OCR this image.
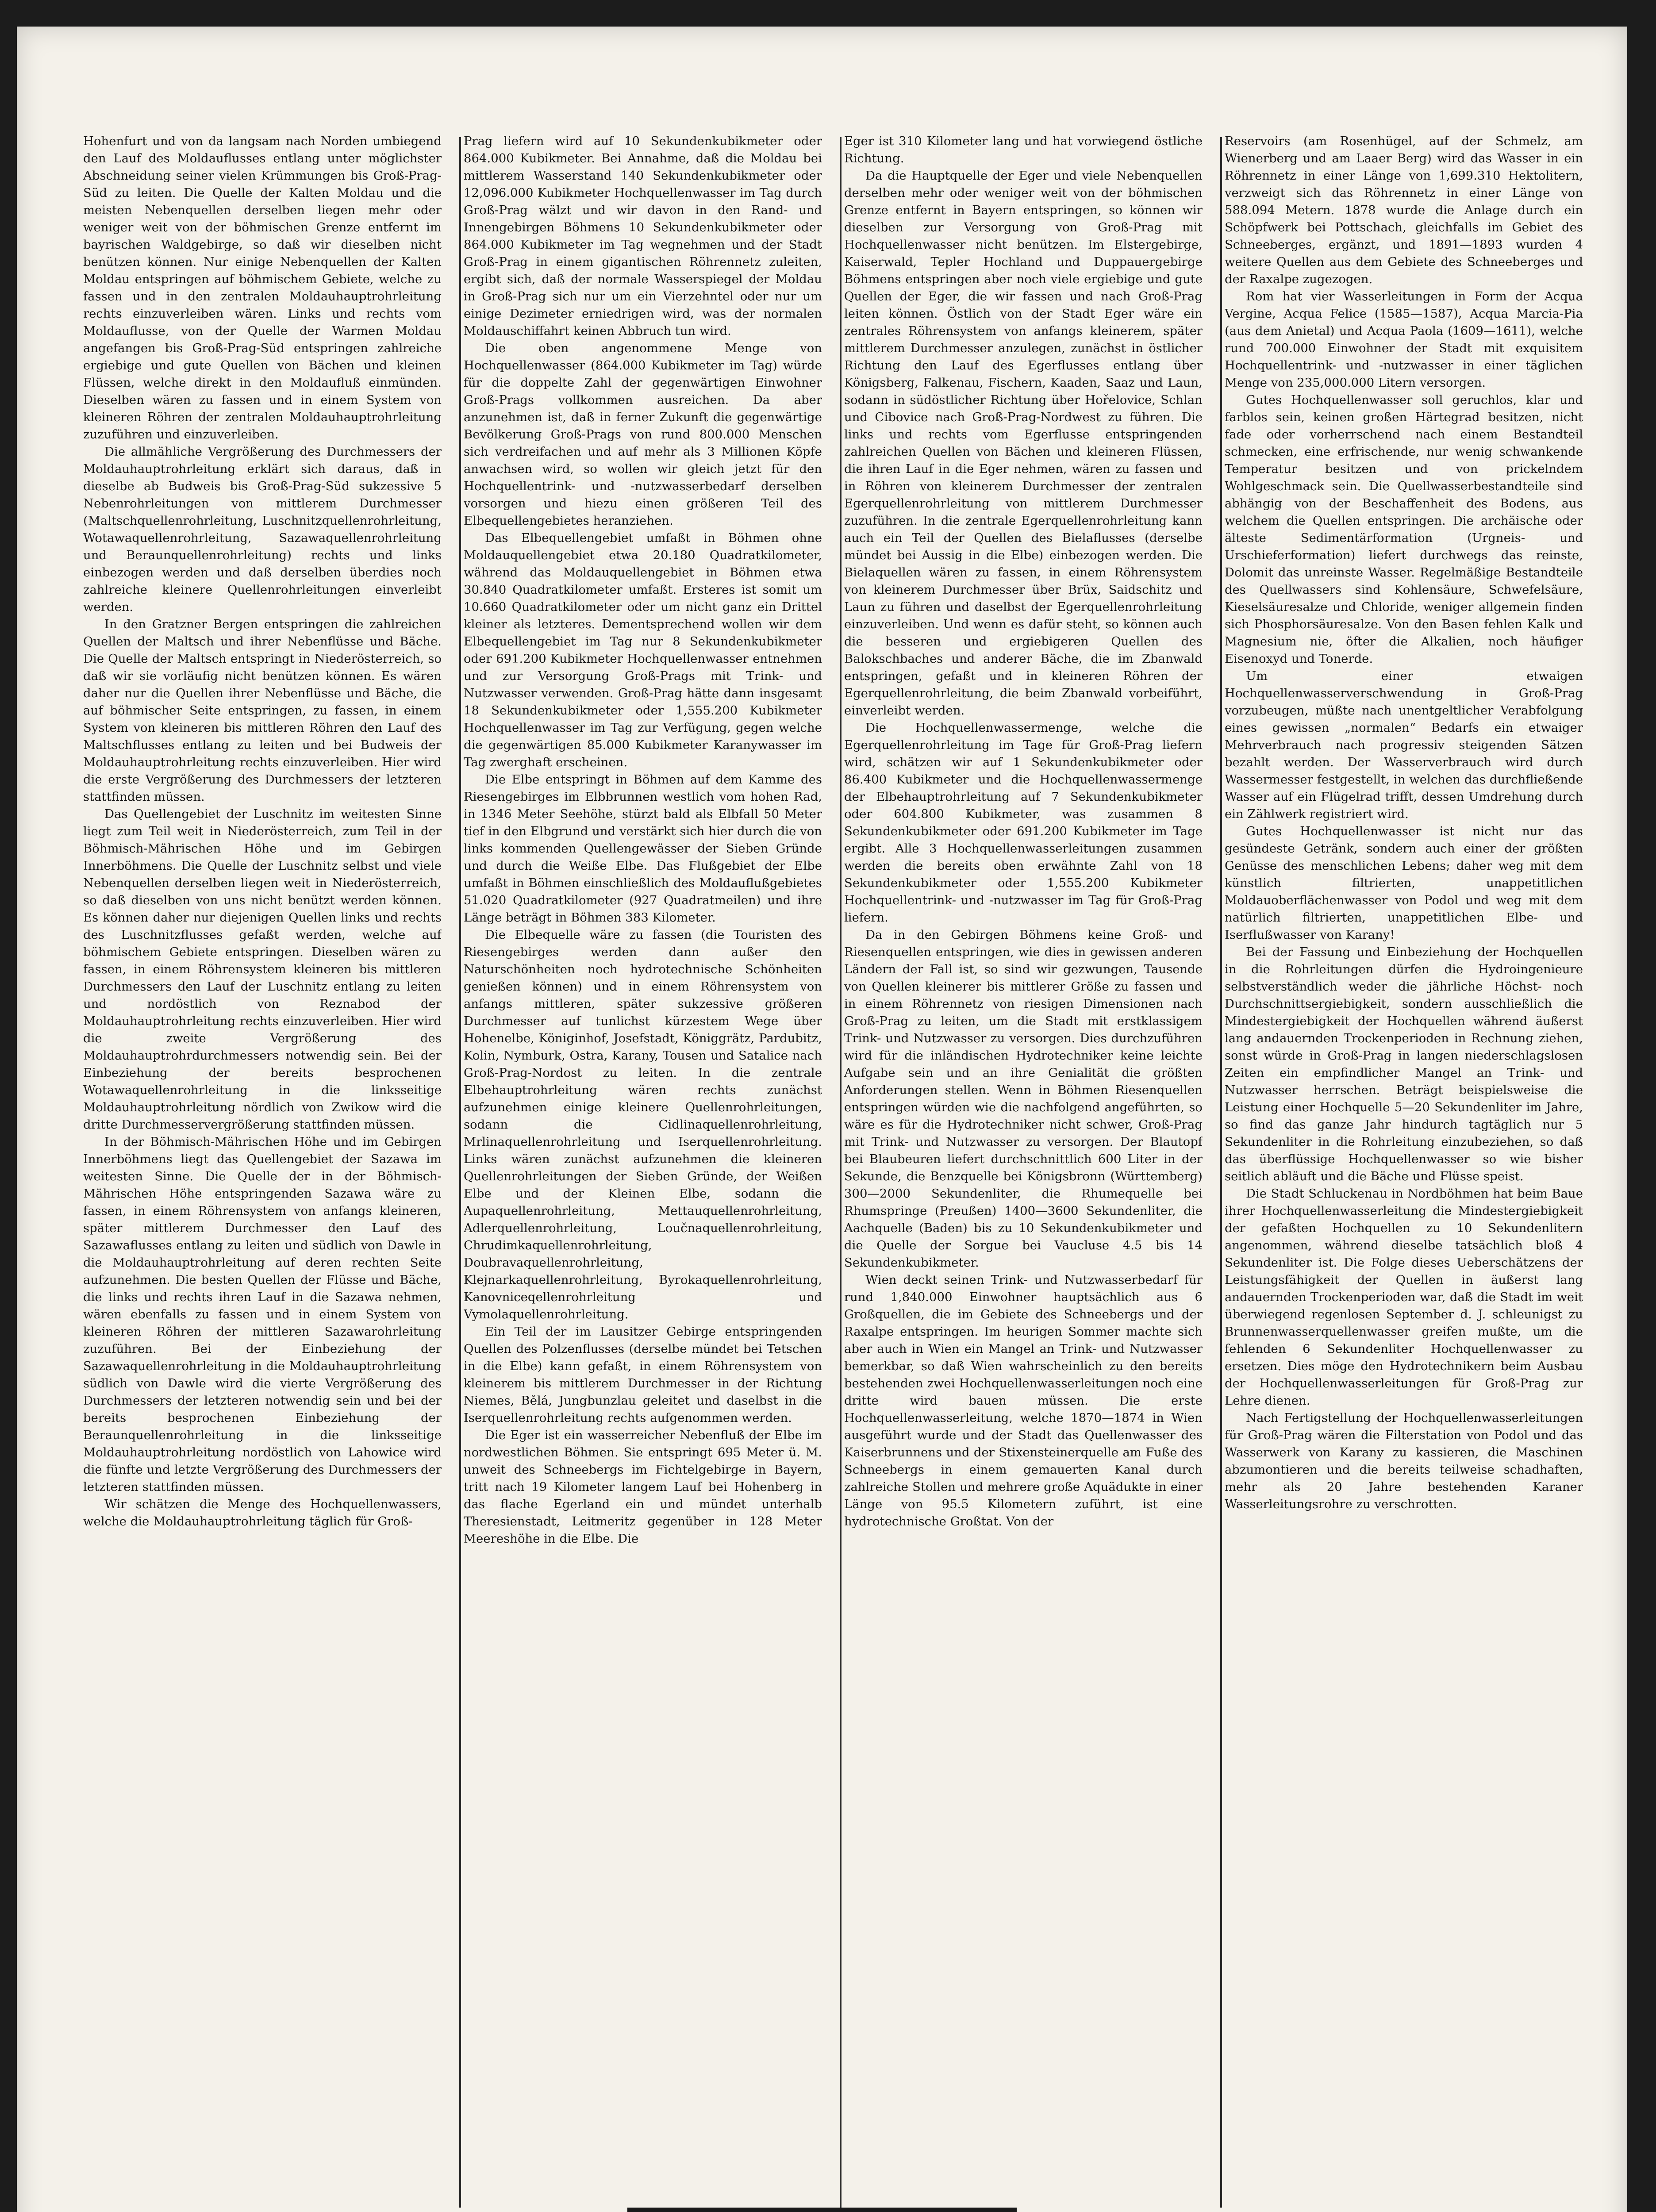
Hohenfurt und von da langsam nach Norden umbiegend den Lauf des Moldauflusses entlang unter möglichster Abschneidung seiner vielen Krümmungen bis Groß-Prag-Süd zu leiten. Die Quelle der Kalten Moldau und die meisten Nebenquellen derselben liegen mehr oder weniger weit von der böhmischen Grenze entfernt im bayrischen Waldgebirge, so daß wir dieselben nicht benützen können. Nur einige Nebenquellen der Kalten Moldau entspringen auf böhmischem Gebiete, welche zu fassen und in den zentralen Moldauhauptrohrleitung rechts einzuverleiben wären. Links und rechts vom Moldauflusse, von der Quelle der Warmen Moldau angefangen bis Groß-Prag-Süd entspringen zahlreiche ergiebige und gute Quellen von Bächen und kleinen Flüssen, welche direkt in den Moldaufluß einmünden. Dieselben wären zu fassen und in einem System von kleineren Röhren der zentralen Moldauhauptrohrleitung zuzuführen und einzuverleiben.

Die allmähliche Vergrößerung des Durchmessers der Moldauhauptrohrleitung erklärt sich daraus, daß in dieselbe ab Budweis bis Groß-Prag-Süd sukzessive 5 Nebenrohrleitungen von mittlerem Durchmesser (Maltschquellenrohrleitung, Luschnitzquellenrohrleitung, Wotawaquellenrohrleitung, Sazawaquellenrohrleitung und Beraunquellenrohrleitung) rechts und links einbezogen werden und daß derselben überdies noch zahlreiche kleinere Quellenrohrleitungen einverleibt werden.

In den Gratzner Bergen entspringen die zahlreichen Quellen der Maltsch und ihrer Nebenflüsse und Bäche. Die Quelle der Maltsch entspringt in Niederösterreich, so daß wir sie vorläufig nicht benützen können. Es wären daher nur die Quellen ihrer Nebenflüsse und Bäche, die auf böhmischer Seite entspringen, zu fassen, in einem System von kleineren bis mittleren Röhren den Lauf des Maltschflusses entlang zu leiten und bei Budweis der Moldauhauptrohrleitung rechts einzuverleiben. Hier wird die erste Vergrößerung des Durchmessers der letzteren stattfinden müssen.

Das Quellengebiet der Luschnitz im weitesten Sinne liegt zum Teil weit in Niederösterreich, zum Teil in der Böhmisch-Mährischen Höhe und im Gebirgen Innerböhmens. Die Quelle der Luschnitz selbst und viele Nebenquellen derselben liegen weit in Niederösterreich, so daß dieselben von uns nicht benützt werden können. Es können daher nur diejenigen Quellen links und rechts des Luschnitzflusses gefaßt werden, welche auf böhmischem Gebiete entspringen. Dieselben wären zu fassen, in einem Röhrensystem kleineren bis mittleren Durchmessers den Lauf der Luschnitz entlang zu leiten und nordöstlich von Reznabod der Moldauhauptrohrleitung rechts einzuverleiben. Hier wird die zweite Vergrößerung des Moldauhauptrohrdurchmessers notwendig sein. Bei der Einbeziehung der bereits besprochenen Wotawaquellenrohrleitung in die linksseitige Moldauhauptrohrleitung nördlich von Zwikow wird die dritte Durchmesservergrößerung stattfinden müssen.

In der Böhmisch-Mährischen Höhe und im Gebirgen Innerböhmens liegt das Quellengebiet der Sazawa im weitesten Sinne. Die Quelle der in der Böhmisch-Mährischen Höhe entspringenden Sazawa wäre zu fassen, in einem Röhrensystem von anfangs kleineren, später mittlerem Durchmesser den Lauf des Sazawaflusses entlang zu leiten und südlich von Dawle in die Moldauhauptrohrleitung auf deren rechten Seite aufzunehmen. Die besten Quellen der Flüsse und Bäche, die links und rechts ihren Lauf in die Sazawa nehmen, wären ebenfalls zu fassen und in einem System von kleineren Röhren der mittleren Sazawarohrleitung zuzuführen. Bei der Einbeziehung der Sazawaquellenrohrleitung in die Moldauhauptrohrleitung südlich von Dawle wird die vierte Vergrößerung des Durchmessers der letzteren notwendig sein und bei der bereits besprochenen Einbeziehung der Beraunquellenrohrleitung in die linksseitige Moldauhauptrohrleitung nordöstlich von Lahowice wird die fünfte und letzte Vergrößerung des Durchmessers der letzteren stattfinden müssen.

Wir schätzen die Menge des Hochquellenwassers, welche die Moldauhauptrohrleitung täglich für Groß-

Prag liefern wird auf 10 Sekundenkubikmeter oder 864.000 Kubikmeter. Bei Annahme, daß die Moldau bei mittlerem Wasserstand 140 Sekundenkubikmeter oder 12,096.000 Kubikmeter Hochquellenwasser im Tag durch Groß-Prag wälzt und wir davon in den Rand- und Innengebirgen Böhmens 10 Sekundenkubikmeter oder 864.000 Kubikmeter im Tag wegnehmen und der Stadt Groß-Prag in einem gigantischen Röhrennetz zuleiten, ergibt sich, daß der normale Wasserspiegel der Moldau in Groß-Prag sich nur um ein Vierzehntel oder nur um einige Dezimeter erniedrigen wird, was der normalen Moldauschiffahrt keinen Abbruch tun wird.

Die oben angenommene Menge von Hochquellenwasser (864.000 Kubikmeter im Tag) würde für die doppelte Zahl der gegenwärtigen Einwohner Groß-Prags vollkommen ausreichen. Da aber anzunehmen ist, daß in ferner Zukunft die gegenwärtige Bevölkerung Groß-Prags von rund 800.000 Menschen sich verdreifachen und auf mehr als 3 Millionen Köpfe anwachsen wird, so wollen wir gleich jetzt für den Hochquellentrink- und -nutzwasserbedarf derselben vorsorgen und hiezu einen größeren Teil des Elbequellengebietes heranziehen.

Das Elbequellengebiet umfaßt in Böhmen ohne Moldauquellengebiet etwa 20.180 Quadratkilometer, während das Moldauquellengebiet in Böhmen etwa 30.840 Quadratkilometer umfaßt. Ersteres ist somit um 10.660 Quadratkilometer oder um nicht ganz ein Drittel kleiner als letzteres. Dementsprechend wollen wir dem Elbequellengebiet im Tag nur 8 Sekundenkubikmeter oder 691.200 Kubikmeter Hochquellenwasser entnehmen und zur Versorgung Groß-Prags mit Trink- und Nutzwasser verwenden. Groß-Prag hätte dann insgesamt 18 Sekundenkubikmeter oder 1,555.200 Kubikmeter Hochquellenwasser im Tag zur Verfügung, gegen welche die gegenwärtigen 85.000 Kubikmeter Karanywasser im Tag zwerghaft erscheinen.

Die Elbe entspringt in Böhmen auf dem Kamme des Riesengebirges im Elbbrunnen westlich vom hohen Rad, in 1346 Meter Seehöhe, stürzt bald als Elbfall 50 Meter tief in den Elbgrund und verstärkt sich hier durch die von links kommenden Quellengewässer der Sieben Gründe und durch die Weiße Elbe. Das Flußgebiet der Elbe umfaßt in Böhmen einschließlich des Moldauflußgebietes 51.020 Quadratkilometer (927 Quadratmeilen) und ihre Länge beträgt in Böhmen 383 Kilometer.

Die Elbequelle wäre zu fassen (die Touristen des Riesengebirges werden dann außer den Naturschönheiten noch hydrotechnische Schönheiten genießen können) und in einem Röhrensystem von anfangs mittleren, später sukzessive größeren Durchmesser auf tunlichst kürzestem Wege über Hohenelbe, Königinhof, Josefstadt, Königgrätz, Pardubitz, Kolin, Nymburk, Ostra, Karany, Tousen und Satalice nach Groß-Prag-Nordost zu leiten. In die zentrale Elbehauptrohrleitung wären rechts zunächst aufzunehmen einige kleinere Quellenrohrleitungen, sodann die Cidlinaquellenrohrleitung, Mrlinaquellenrohrleitung und Iserquellenrohrleitung. Links wären zunächst aufzunehmen die kleineren Quellenrohrleitungen der Sieben Gründe, der Weißen Elbe und der Kleinen Elbe, sodann die Aupaquellenrohrleitung, Mettauquellenrohrleitung, Adlerquellenrohrleitung, Loučnaquellenrohrleitung, Chrudimkaquellenrohrleitung, Doubravaquellenrohrleitung, Klejnarkaquellenrohrleitung, Byrokaquellenrohrleitung, Kanovniceqellenrohrleitung und Vymolaquellenrohrleitung.

Ein Teil der im Lausitzer Gebirge entspringenden Quellen des Polzenflusses (derselbe mündet bei Tetschen in die Elbe) kann gefaßt, in einem Röhrensystem von kleinerem bis mittlerem Durchmesser in der Richtung Niemes, Bělá, Jungbunzlau geleitet und daselbst in die Iserquellenrohrleitung rechts aufgenommen werden.

Die Eger ist ein wasserreicher Nebenfluß der Elbe im nordwestlichen Böhmen. Sie entspringt 695 Meter ü. M. unweit des Schneebergs im Fichtelgebirge in Bayern, tritt nach 19 Kilometer langem Lauf bei Hohenberg in das flache Egerland ein und mündet unterhalb Theresienstadt, Leitmeritz gegenüber in 128 Meter Meereshöhe in die Elbe. Die

Eger ist 310 Kilometer lang und hat vorwiegend östliche Richtung.

Da die Hauptquelle der Eger und viele Nebenquellen derselben mehr oder weniger weit von der böhmischen Grenze entfernt in Bayern entspringen, so können wir dieselben zur Versorgung von Groß-Prag mit Hochquellenwasser nicht benützen. Im Elstergebirge, Kaiserwald, Tepler Hochland und Duppauergebirge Böhmens entspringen aber noch viele ergiebige und gute Quellen der Eger, die wir fassen und nach Groß-Prag leiten können. Östlich von der Stadt Eger wäre ein zentrales Röhrensystem von anfangs kleinerem, später mittlerem Durchmesser anzulegen, zunächst in östlicher Richtung den Lauf des Egerflusses entlang über Königsberg, Falkenau, Fischern, Kaaden, Saaz und Laun, sodann in südöstlicher Richtung über Hořelovice, Schlan und Cibovice nach Groß-Prag-Nordwest zu führen. Die links und rechts vom Egerflusse entspringenden zahlreichen Quellen von Bächen und kleineren Flüssen, die ihren Lauf in die Eger nehmen, wären zu fassen und in Röhren von kleinerem Durchmesser der zentralen Egerquellenrohrleitung von mittlerem Durchmesser zuzuführen. In die zentrale Egerquellenrohrleitung kann auch ein Teil der Quellen des Bielaflusses (derselbe mündet bei Aussig in die Elbe) einbezogen werden. Die Bielaquellen wären zu fassen, in einem Röhrensystem von kleinerem Durchmesser über Brüx, Saidschitz und Laun zu führen und daselbst der Egerquellenrohrleitung einzuverleiben. Und wenn es dafür steht, so können auch die besseren und ergiebigeren Quellen des Balokschbaches und anderer Bäche, die im Zbanwald entspringen, gefaßt und in kleineren Röhren der Egerquellenrohrleitung, die beim Zbanwald vorbeiführt, einverleibt werden.

Die Hochquellenwassermenge, welche die Egerquellenrohrleitung im Tage für Groß-Prag liefern wird, schätzen wir auf 1 Sekundenkubikmeter oder 86.400 Kubikmeter und die Hochquellenwassermenge der Elbehauptrohrleitung auf 7 Sekundenkubikmeter oder 604.800 Kubikmeter, was zusammen 8 Sekundenkubikmeter oder 691.200 Kubikmeter im Tage ergibt. Alle 3 Hochquellenwasserleitungen zusammen werden die bereits oben erwähnte Zahl von 18 Sekundenkubikmeter oder 1,555.200 Kubikmeter Hochquellentrink- und -nutzwasser im Tag für Groß-Prag liefern.

Da in den Gebirgen Böhmens keine Groß- und Riesenquellen entspringen, wie dies in gewissen anderen Ländern der Fall ist, so sind wir gezwungen, Tausende von Quellen kleinerer bis mittlerer Größe zu fassen und in einem Röhrennetz von riesigen Dimensionen nach Groß-Prag zu leiten, um die Stadt mit erstklassigem Trink- und Nutzwasser zu versorgen. Dies durchzuführen wird für die inländischen Hydrotechniker keine leichte Aufgabe sein und an ihre Genialität die größten Anforderungen stellen. Wenn in Böhmen Riesenquellen entspringen würden wie die nachfolgend angeführten, so wäre es für die Hydrotechniker nicht schwer, Groß-Prag mit Trink- und Nutzwasser zu versorgen. Der Blautopf bei Blaubeuren liefert durchschnittlich 600 Liter in der Sekunde, die Benzquelle bei Königsbronn (Württemberg) 300—2000 Sekundenliter, die Rhumequelle bei Rhumspringe (Preußen) 1400—3600 Sekundenliter, die Aachquelle (Baden) bis zu 10 Sekundenkubikmeter und die Quelle der Sorgue bei Vaucluse 4.5 bis 14 Sekundenkubikmeter.

Wien deckt seinen Trink- und Nutzwasserbedarf für rund 1,840.000 Einwohner hauptsächlich aus 6 Großquellen, die im Gebiete des Schneebergs und der Raxalpe entspringen. Im heurigen Sommer machte sich aber auch in Wien ein Mangel an Trink- und Nutzwasser bemerkbar, so daß Wien wahrscheinlich zu den bereits bestehenden zwei Hochquellenwasserleitungen noch eine dritte wird bauen müssen. Die erste Hochquellenwasserleitung, welche 1870—1874 in Wien ausgeführt wurde und der Stadt das Quellenwasser des Kaiserbrunnens und der Stixensteinerquelle am Fuße des Schneebergs in einem gemauerten Kanal durch zahlreiche Stollen und mehrere große Aquädukte in einer Länge von 95.5 Kilometern zuführt, ist eine hydrotechnische Großtat. Von der

Reservoirs (am Rosenhügel, auf der Schmelz, am Wienerberg und am Laaer Berg) wird das Wasser in ein Röhrennetz in einer Länge von 1,699.310 Hektolitern, verzweigt sich das Röhrennetz in einer Länge von 588.094 Metern. 1878 wurde die Anlage durch ein Schöpfwerk bei Pottschach, gleichfalls im Gebiet des Schneeberges, ergänzt, und 1891—1893 wurden 4 weitere Quellen aus dem Gebiete des Schneeberges und der Raxalpe zugezogen.

Rom hat vier Wasserleitungen in Form der Acqua Vergine, Acqua Felice (1585—1587), Acqua Marcia-Pia (aus dem Anietal) und Acqua Paola (1609—1611), welche rund 700.000 Einwohner der Stadt mit exquisitem Hochquellentrink- und -nutzwasser in einer täglichen Menge von 235,000.000 Litern versorgen.

Gutes Hochquellenwasser soll geruchlos, klar und farblos sein, keinen großen Härtegrad besitzen, nicht fade oder vorherrschend nach einem Bestandteil schmecken, eine erfrischende, nur wenig schwankende Temperatur besitzen und von prickelndem Wohlgeschmack sein. Die Quellwasserbestandteile sind abhängig von der Beschaffenheit des Bodens, aus welchem die Quellen entspringen. Die archäische oder älteste Sedimentärformation (Urgneis- und Urschieferformation) liefert durchwegs das reinste, Dolomit das unreinste Wasser. Regelmäßige Bestandteile des Quellwassers sind Kohlensäure, Schwefelsäure, Kieselsäuresalze und Chloride, weniger allgemein finden sich Phosphorsäuresalze. Von den Basen fehlen Kalk und Magnesium nie, öfter die Alkalien, noch häufiger Eisenoxyd und Tonerde.

Um einer etwaigen Hochquellenwasserverschwendung in Groß-Prag vorzubeugen, müßte nach unentgeltlicher Verabfolgung eines gewissen „normalen“ Bedarfs ein etwaiger Mehrverbrauch nach progressiv steigenden Sätzen bezahlt werden. Der Wasserverbrauch wird durch Wassermesser festgestellt, in welchen das durchfließende Wasser auf ein Flügelrad trifft, dessen Umdrehung durch ein Zählwerk registriert wird.

Gutes Hochquellenwasser ist nicht nur das gesündeste Getränk, sondern auch einer der größten Genüsse des menschlichen Lebens; daher weg mit dem künstlich filtrierten, unappetitlichen Moldauoberflächenwasser von Podol und weg mit dem natürlich filtrierten, unappetitlichen Elbe- und Iserflußwasser von Karany!

Bei der Fassung und Einbeziehung der Hochquellen in die Rohrleitungen dürfen die Hydroingenieure selbstverständlich weder die jährliche Höchst- noch Durchschnittsergiebigkeit, sondern ausschließlich die Mindestergiebigkeit der Hochquellen während äußerst lang andauernden Trockenperioden in Rechnung ziehen, sonst würde in Groß-Prag in langen niederschlagslosen Zeiten ein empfindlicher Mangel an Trink- und Nutzwasser herrschen. Beträgt beispielsweise die Leistung einer Hochquelle 5—20 Sekundenliter im Jahre, so find das ganze Jahr hindurch tagtäglich nur 5 Sekundenliter in die Rohrleitung einzubeziehen, so daß das überflüssige Hochquellenwasser so wie bisher seitlich abläuft und die Bäche und Flüsse speist.

Die Stadt Schluckenau in Nordböhmen hat beim Baue ihrer Hochquellenwasserleitung die Mindestergiebigkeit der gefaßten Hochquellen zu 10 Sekundenlitern angenommen, während dieselbe tatsächlich bloß 4 Sekundenliter ist. Die Folge dieses Ueberschätzens der Leistungsfähigkeit der Quellen in äußerst lang andauernden Trockenperioden war, daß die Stadt im weit überwiegend regenlosen September d. J. schleunigst zu Brunnenwasserquellenwasser greifen mußte, um die fehlenden 6 Sekundenliter Hochquellenwasser zu ersetzen. Dies möge den Hydrotechnikern beim Ausbau der Hochquellenwasserleitungen für Groß-Prag zur Lehre dienen.

Nach Fertigstellung der Hochquellenwasserleitungen für Groß-Prag wären die Filterstation von Podol und das Wasserwerk von Karany zu kassieren, die Maschinen abzumontieren und die bereits teilweise schadhaften, mehr als 20 Jahre bestehenden Karaner Wasserleitungsrohre zu verschrotten.
